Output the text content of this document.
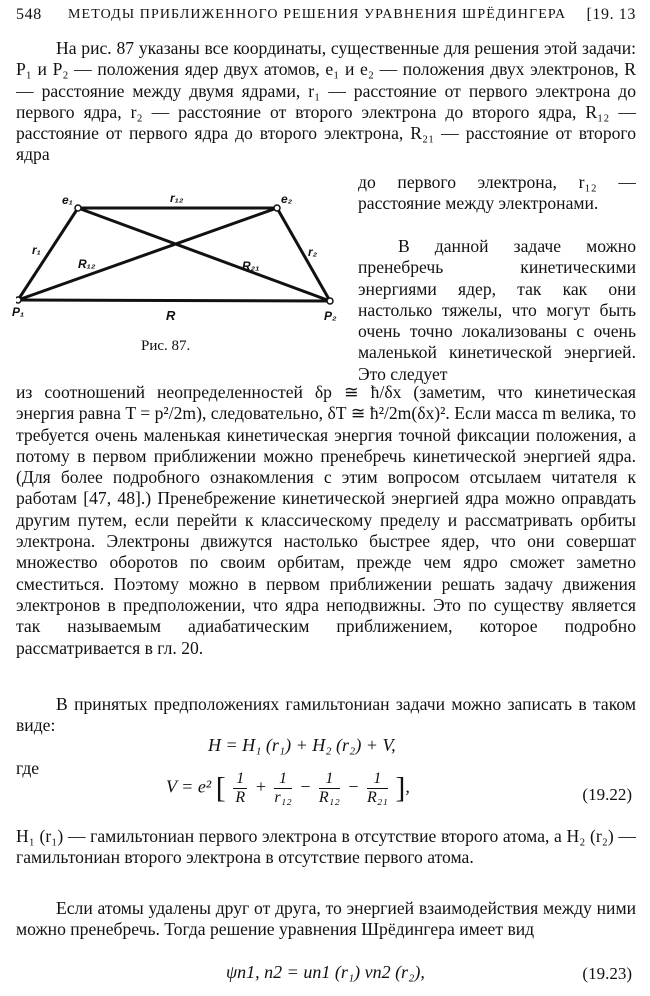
548 МЕТОДЫ ПРИБЛИЖЕННОГО РЕШЕНИЯ УРАВНЕНИЯ ШРЁДИНГЕРА [19. 13

На рис. 87 указаны все координаты, существенные для решения этой задачи: P₁ и P₂ — положения ядер двух атомов, e₁ и e₂ — положения двух электронов, R — расстояние между двумя ядрами, r₁ — расстояние от первого электрона до первого ядра, r₂ — расстояние от второго электрона до второго ядра, R₁₂ — расстояние от первого ядра до второго электрона, R₂₁ — расстояние от второго ядра

e₁	e₂
P₁	P₂
r₁₂
r₁	r₂
R₁₂	R₂₁
R
Рис. 87.

до первого электрона, r₁₂ — расстояние между электронами.

В данной задаче можно пренебречь кинетическими энергиями ядер, так как они настолько тяжелы, что могут быть очень точно локализованы с очень маленькой кинетической энергией. Это следует

из соотношений неопределенностей δp ≅ ħ/δx (заметим, что кинетическая энергия равна T = p²/2m), следовательно, δT ≅ ħ²/2m(δx)². Если масса m велика, то требуется очень маленькая кинетическая энергия точной фиксации положения, а потому в первом приближении можно пренебречь кинетической энергией ядра. (Для более подробного ознакомления с этим вопросом отсылаем читателя к работам [47, 48].) Пренебрежение кинетической энергией ядра можно оправдать другим путем, если перейти к классическому пределу и рассматривать орбиты электрона. Электроны движутся настолько быстрее ядер, что они совершат множество оборотов по своим орбитам, прежде чем ядро сможет заметно сместиться. Поэтому можно в первом приближении решать задачу движения электронов в предположении, что ядра неподвижны. Это по существу является так называемым адиабатическим приближением, которое подробно рассматривается в гл. 20.

В принятых предположениях гамильтониан задачи можно записать в таком виде:

H = H₁ (r₁) + H₂ (r₂) + V,
где
V = e² [ $\frac{1}{R} + \frac{1}{\text{r₁₂}} - \frac{1}{\text{R₁₂}} - \frac{1}{\text{R₂₁}}$ ],	(19.22)

H₁ (r₁) — гамильтониан первого электрона в отсутствие второго атома, а H₂ (r₂) — гамильтониан второго электрона в отсутствие первого атома.

Если атомы удалены друг от друга, то энергией взаимодействия между ними можно пренебречь. Тогда решение уравнения Шрёдингера имеет вид

ψn1, n2 = un1 (r₁) vn2 (r₂),	(19.23)
